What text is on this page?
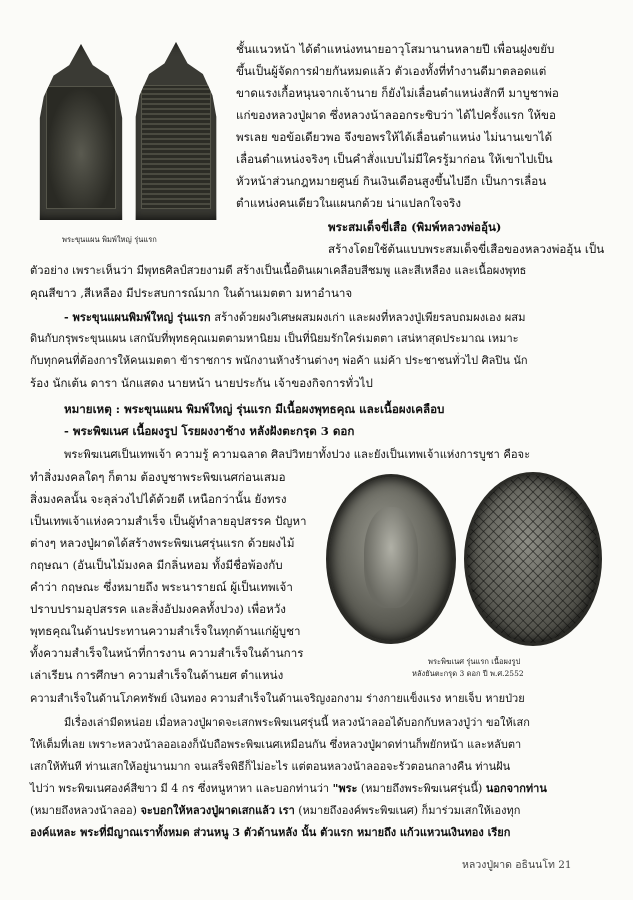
พระขุนแผน พิมพ์ใหญ่ รุ่นแรก
ชั้นแนวหน้า ได้ตำแหน่งทนายอาวุโสมานานหลายปี เพื่อนฝูงขยับ
ขึ้นเป็นผู้จัดการฝ่ายกันหมดแล้ว ตัวเองทั้งที่ทำงานดีมาตลอดแต่
ขาดแรงเกื้อหนุนจากเจ้านาย ก็ยังไม่เลื่อนตำแหน่งสักที มาบูชาพ่อ
แก่ของหลวงปู่ผาด ซึ่งหลวงน้าลออกระซิบว่า ได้ไปครั้งแรก ให้ขอ
พรเลย ขอข้อเดียวพอ จึงขอพรให้ได้เลื่อนตำแหน่ง ไม่นานเขาได้
เลื่อนตำแหน่งจริงๆ เป็นคำสั่งแบบไม่มีใครรู้มาก่อน ให้เขาไปเป็น
หัวหน้าส่วนกฎหมายศูนย์ กินเงินเดือนสูงขึ้นไปอีก เป็นการเลื่อน
ตำแหน่งคนเดียวในแผนกด้วย น่าแปลกใจจริง
พระสมเด็จขี่เสือ (พิมพ์หลวงพ่ออุ้น)
สร้างโดยใช้ต้นแบบพระสมเด็จขี่เสือของหลวงพ่ออุ้น เป็น
ตัวอย่าง เพราะเห็นว่า มีพุทธศิลป์สวยงามดี สร้างเป็นเนื้อดินเผาเคลือบสีชมพู และสีเหลือง และเนื้อผงพุทธ
คุณสีขาว ,สีเหลือง มีประสบการณ์มาก ในด้านเมตตา มหาอำนาจ
- พระขุนแผนพิมพ์ใหญ่ รุ่นแรก สร้างด้วยผงวิเศษผสมผงเก่า และผงที่หลวงปู่เพียรลบถมผงเอง ผสม
ดินกับกรุพระขุนแผน เสกนับที่พุทธคุณเมตตามหานิยม เป็นที่นิยมรักใคร่เมตตา เสน่หาสุดประมาณ เหมาะ
กับทุกคนที่ต้องการให้คนเมตตา ข้าราชการ พนักงานห้างร้านต่างๆ พ่อค้า แม่ค้า ประชาชนทั่วไป ศิลปิน นัก
ร้อง นักเต้น ดารา นักแสดง นายหน้า นายประกัน เจ้าของกิจการทั่วไป
หมายเหตุ : พระขุนแผน พิมพ์ใหญ่ รุ่นแรก มีเนื้อผงพุทธคุณ และเนื้อผงเคลือบ
- พระพิฆเนศ เนื้อผงรูป โรยผงงาช้าง หลังฝังตะกรุด 3 ดอก
พระพิฆเนศเป็นเทพเจ้า ความรู้ ความฉลาด ศิลปวิทยาทั้งปวง และยังเป็นเทพเจ้าแห่งการบูชา คือจะ
ทำสิ่งมงคลใดๆ ก็ตาม ต้องบูชาพระพิฆเนศก่อนเสมอ
สิ่งมงคลนั้น จะลุล่วงไปได้ด้วยดี เหนือกว่านั้น ยังทรง
เป็นเทพเจ้าแห่งความสำเร็จ เป็นผู้ทำลายอุปสรรค ปัญหา
ต่างๆ หลวงปู่ผาดได้สร้างพระพิฆเนศรุ่นแรก ด้วยผงไม้
กฤษณา (อันเป็นไม้มงคล มีกลิ่นหอม ทั้งมีชื่อพ้องกับ
คำว่า กฤษณะ ซึ่งหมายถึง พระนารายณ์ ผู้เป็นเทพเจ้า
ปราบปรามอุปสรรค และสิ่งอัปมงคลทั้งปวง) เพื่อหวัง
พุทธคุณในด้านประทานความสำเร็จในทุกด้านแก่ผู้บูชา
ทั้งความสำเร็จในหน้าที่การงาน ความสำเร็จในด้านการ
เล่าเรียน การศึกษา ความสำเร็จในด้านยศ ตำแหน่ง
พระพิฆเนศ รุ่นแรก เนื้อผงรูป
หลังยันตะกรุด 3 ดอก ปี พ.ศ.2552
ความสำเร็จในด้านโภคทรัพย์ เงินทอง ความสำเร็จในด้านเจริญงอกงาม ร่างกายแข็งแรง หายเจ็บ หายป่วย
มีเรื่องเล่ามีดหน่อย เมื่อหลวงปู่ผาดจะเสกพระพิฆเนศรุ่นนี้ หลวงน้าลออได้บอกกับหลวงปู่ว่า ขอให้เสก
ให้เต็มที่เลย เพราะหลวงน้าลออเองก็นับถือพระพิฆเนศเหมือนกัน ซึ่งหลวงปู่ผาดท่านก็พยักหน้า และหลับตา
เสกให้ทันที ท่านเสกให้อยู่นานมาก จนเสร็จพิธีก็ไม่อะไร แต่ตอนหลวงน้าลออจะรัวตอนกลางคืน ท่านฝัน
ไปว่า พระพิฆเนศองค์สีขาว มี 4 กร ซึ่งหนูหาหา และบอกท่านว่า "พระ (หมายถึงพระพิฆเนศรุ่นนี้) นอกจากท่าน
(หมายถึงหลวงน้าลออ) จะบอกให้หลวงปู่ผาดเสกแล้ว เรา (หมายถึงองค์พระพิฆเนศ) ก็มาร่วมเสกให้เองทุก
องค์แหละ พระที่มีญาณเราทั้งหมด ส่วนหนู 3 ตัวด้านหลัง นั้น ตัวแรก หมายถึง แก้วแหวนเงินทอง เรียก
หลวงปู่ผาด อธินนโท 21
